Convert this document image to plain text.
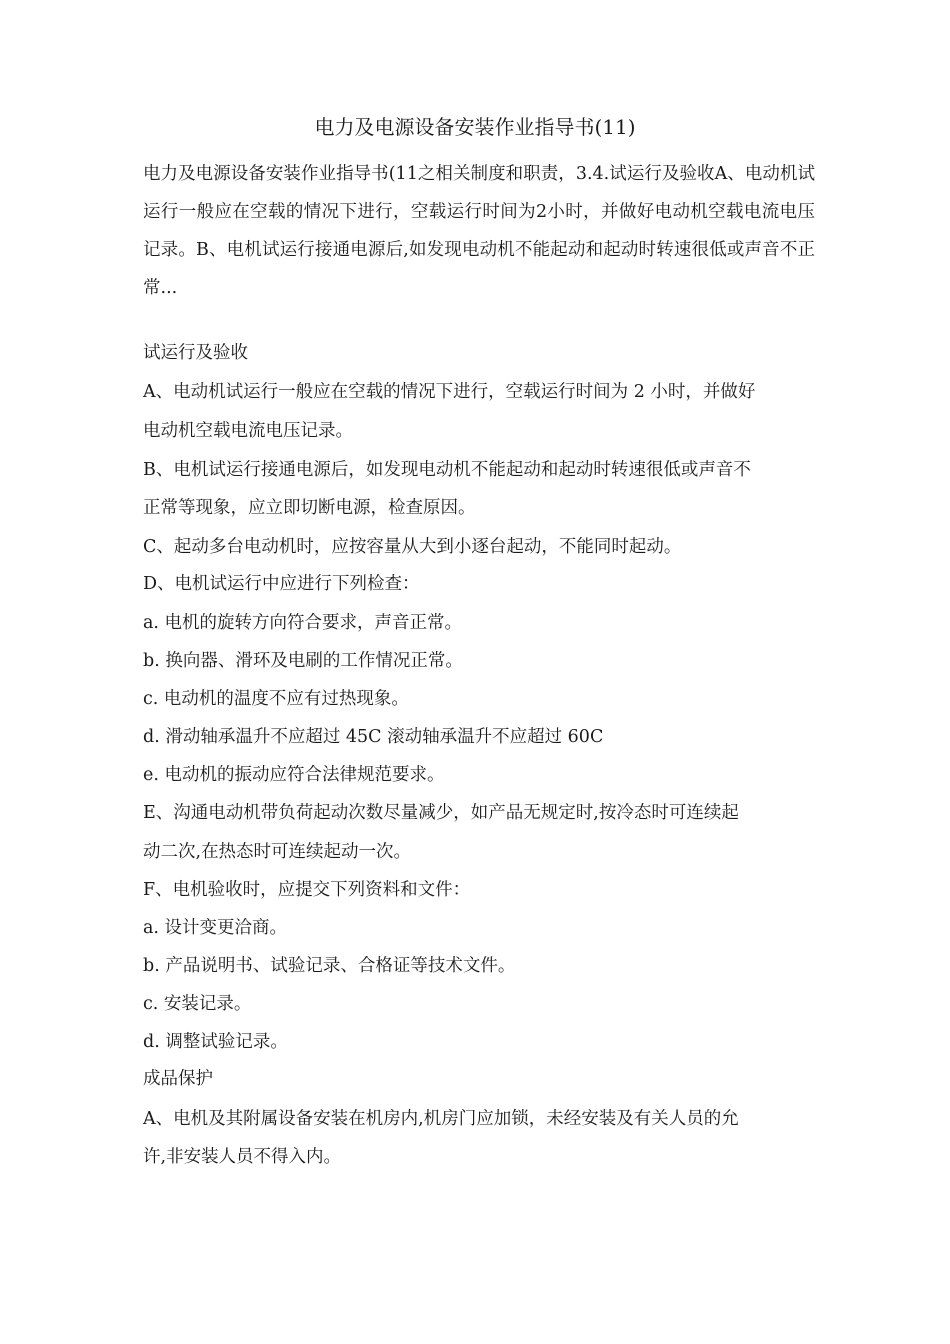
电力及电源设备安装作业指导书(11)

电力及电源设备安装作业指导书(11之相关制度和职责，3.4.试运行及验收A、电动机试运行一般应在空载的情况下进行，空载运行时间为2小时，并做好电动机空载电流电压记录。B、电机试运行接通电源后,如发现电动机不能起动和起动时转速很低或声音不正常...

试运行及验收
A、电动机试运行一般应在空载的情况下进行，空载运行时间为 2 小时，并做好
电动机空载电流电压记录。
B、电机试运行接通电源后，如发现电动机不能起动和起动时转速很低或声音不
正常等现象，应立即切断电源，检查原因。
C、起动多台电动机时，应按容量从大到小逐台起动，不能同时起动。
D、电机试运行中应进行下列检查：
a. 电机的旋转方向符合要求，声音正常。
b. 换向器、滑环及电刷的工作情况正常。
c. 电动机的温度不应有过热现象。
d. 滑动轴承温升不应超过 45C 滚动轴承温升不应超过 60C
e. 电动机的振动应符合法律规范要求。
E、沟通电动机带负荷起动次数尽量减少，如产品无规定时,按冷态时可连续起
动二次,在热态时可连续起动一次。
F、电机验收时，应提交下列资料和文件：
a. 设计变更洽商。
b. 产品说明书、试验记录、合格证等技术文件。
c. 安装记录。
d. 调整试验记录。
成品保护
A、电机及其附属设备安装在机房内,机房门应加锁，未经安装及有关人员的允
许,非安装人员不得入内。
